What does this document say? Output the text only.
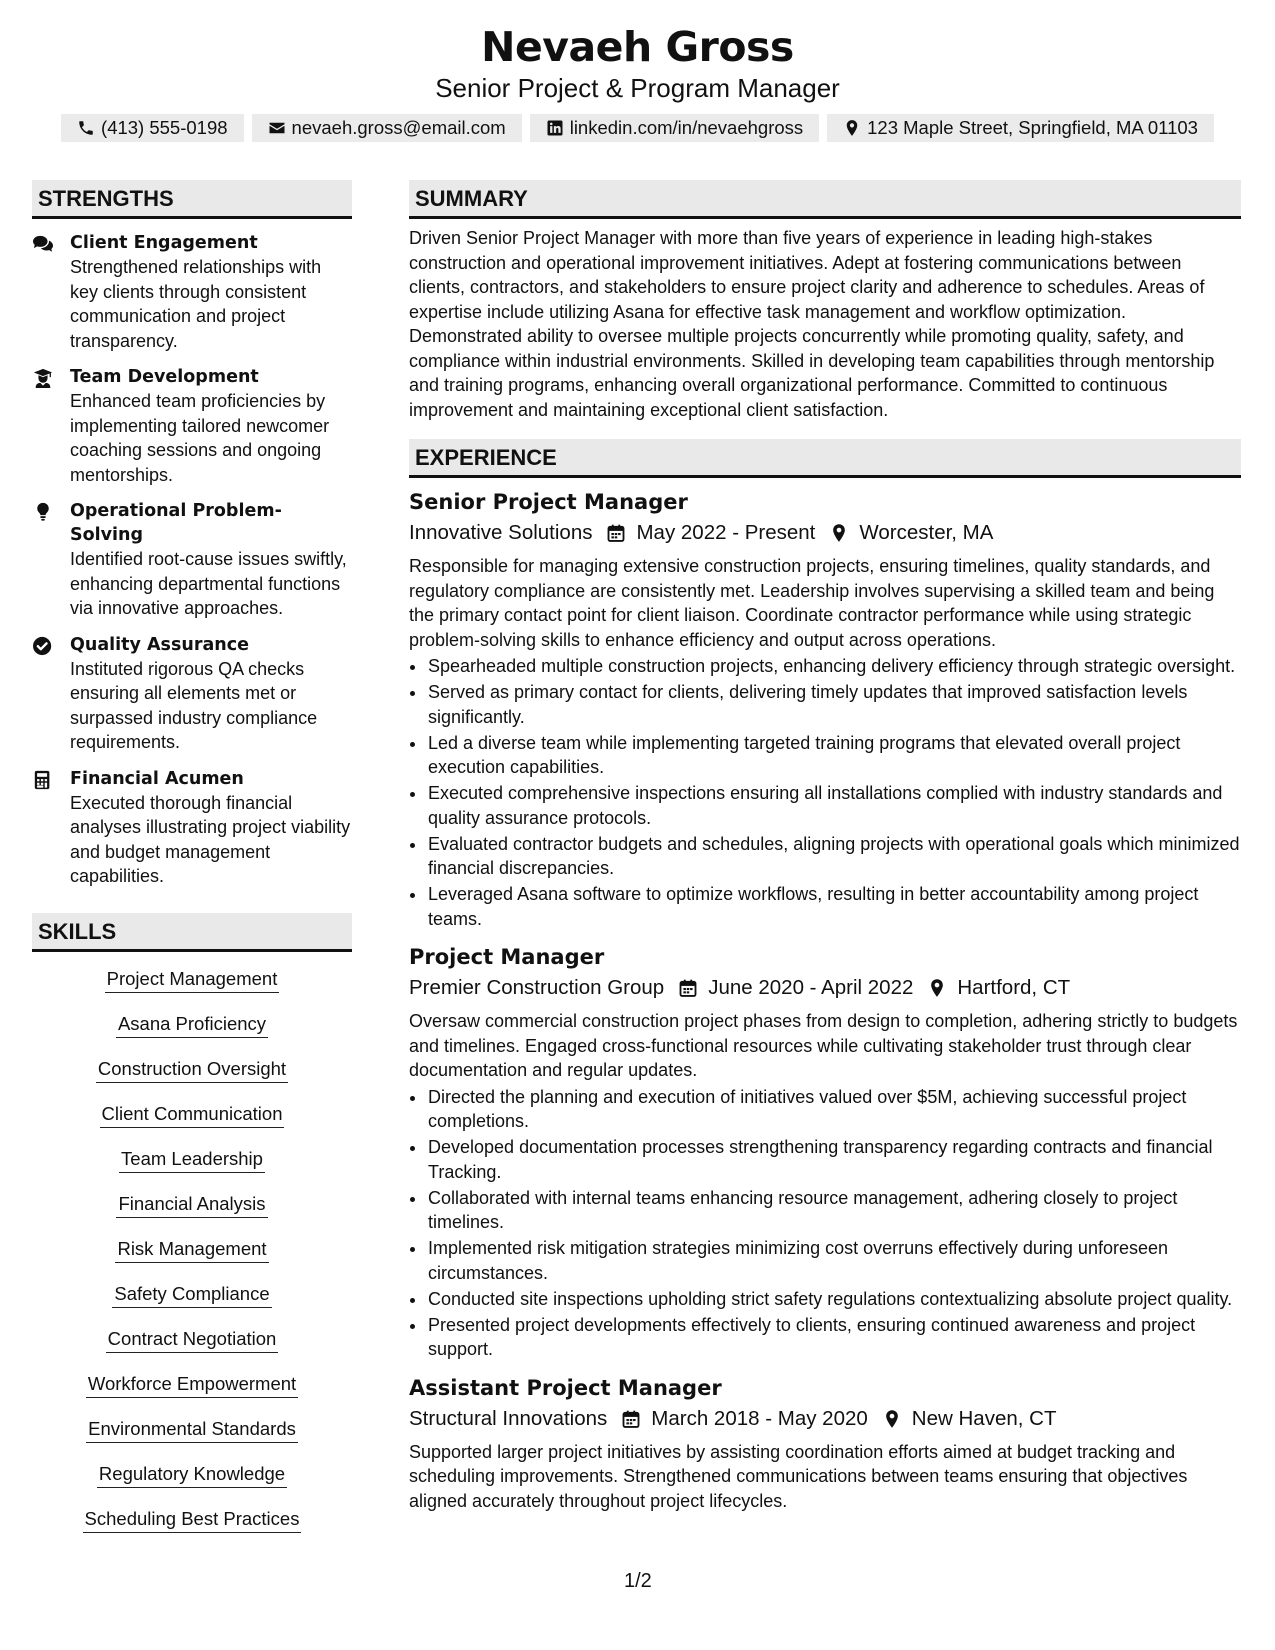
Nevaeh Gross
Senior Project & Program Manager
(413) 555-0198	nevaeh.gross@email.com	linkedin.com/in/nevaehgross	123 Maple Street, Springfield, MA 01103
STRENGTHS
Client Engagement
Strengthened relationships with key clients through consistent communication and project transparency.
Team Development
Enhanced team proficiencies by implementing tailored newcomer coaching sessions and ongoing mentorships.
Operational Problem-Solving
Identified root-cause issues swiftly, enhancing departmental functions via innovative approaches.
Quality Assurance
Instituted rigorous QA checks ensuring all elements met or surpassed industry compliance requirements.
Financial Acumen
Executed thorough financial analyses illustrating project viability and budget management capabilities.
SKILLS
Project Management
Asana Proficiency
Construction Oversight
Client Communication
Team Leadership
Financial Analysis
Risk Management
Safety Compliance
Contract Negotiation
Workforce Empowerment
Environmental Standards
Regulatory Knowledge
Scheduling Best Practices
SUMMARY
Driven Senior Project Manager with more than five years of experience in leading high-stakes construction and operational improvement initiatives. Adept at fostering communications between clients, contractors, and stakeholders to ensure project clarity and adherence to schedules. Areas of expertise include utilizing Asana for effective task management and workflow optimization. Demonstrated ability to oversee multiple projects concurrently while promoting quality, safety, and compliance within industrial environments. Skilled in developing team capabilities through mentorship and training programs, enhancing overall organizational performance. Committed to continuous improvement and maintaining exceptional client satisfaction.
EXPERIENCE
Senior Project Manager
Innovative Solutions May 2022 - Present Worcester, MA
Responsible for managing extensive construction projects, ensuring timelines, quality standards, and regulatory compliance are consistently met. Leadership involves supervising a skilled team and being the primary contact point for client liaison. Coordinate contractor performance while using strategic problem-solving skills to enhance efficiency and output across operations.
• Spearheaded multiple construction projects, enhancing delivery efficiency through strategic oversight.
• Served as primary contact for clients, delivering timely updates that improved satisfaction levels significantly.
• Led a diverse team while implementing targeted training programs that elevated overall project execution capabilities.
• Executed comprehensive inspections ensuring all installations complied with industry standards and quality assurance protocols.
• Evaluated contractor budgets and schedules, aligning projects with operational goals which minimized financial discrepancies.
• Leveraged Asana software to optimize workflows, resulting in better accountability among project teams.
Project Manager
Premier Construction Group June 2020 - April 2022 Hartford, CT
Oversaw commercial construction project phases from design to completion, adhering strictly to budgets and timelines. Engaged cross-functional resources while cultivating stakeholder trust through clear documentation and regular updates.
• Directed the planning and execution of initiatives valued over $5M, achieving successful project completions.
• Developed documentation processes strengthening transparency regarding contracts and financial Tracking.
• Collaborated with internal teams enhancing resource management, adhering closely to project timelines.
• Implemented risk mitigation strategies minimizing cost overruns effectively during unforeseen circumstances.
• Conducted site inspections upholding strict safety regulations contextualizing absolute project quality.
• Presented project developments effectively to clients, ensuring continued awareness and project support.
Assistant Project Manager
Structural Innovations March 2018 - May 2020 New Haven, CT
Supported larger project initiatives by assisting coordination efforts aimed at budget tracking and scheduling improvements. Strengthened communications between teams ensuring that objectives aligned accurately throughout project lifecycles.
1/2
